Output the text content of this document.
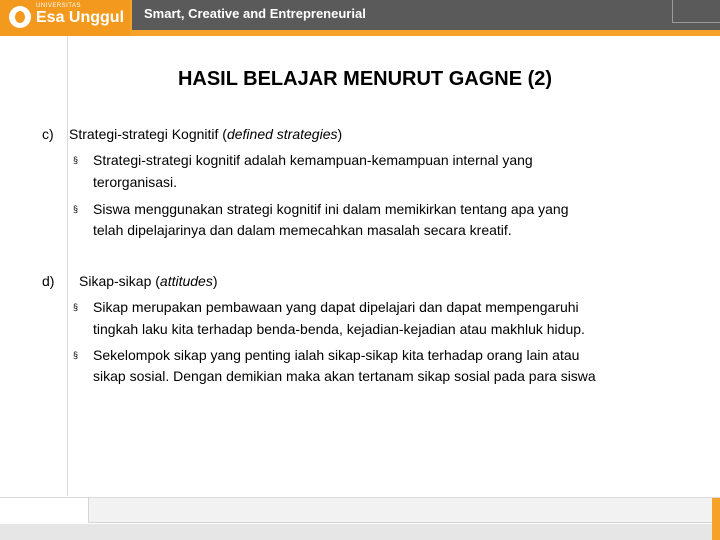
UNIVERSITAS
Esa Unggul Smart, Creative and Entrepreneurial
HASIL BELAJAR MENURUT GAGNE (2)
c) Strategi-strategi Kognitif (defined strategies)
§ Strategi-strategi kognitif adalah kemampuan-kemampuan internal yang
terorganisasi.
§ Siswa menggunakan strategi kognitif ini dalam memikirkan tentang apa yang
telah dipelajarinya dan dalam memecahkan masalah secara kreatif.
d) Sikap-sikap (attitudes)
§ Sikap merupakan pembawaan yang dapat dipelajari dan dapat mempengaruhi
tingkah laku kita terhadap benda-benda, kejadian-kejadian atau makhluk hidup.
§ Sekelompok sikap yang penting ialah sikap-sikap kita terhadap orang lain atau
sikap sosial. Dengan demikian maka akan tertanam sikap sosial pada para siswa
